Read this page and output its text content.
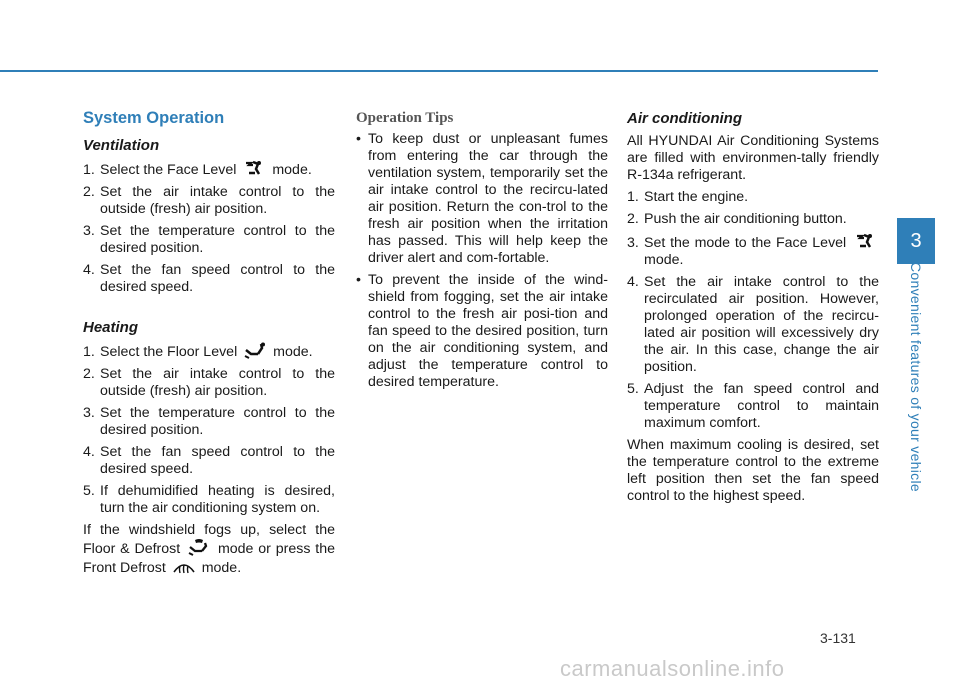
System Operation
Ventilation
1. Select the Face Level	mode.
2. Set the air intake control to the outside (fresh) air position.
3. Set the temperature control to the desired position.
4. Set the fan speed control to the desired speed.
Heating
1. Select the Floor Level	mode.
2. Set the air intake control to the outside (fresh) air position.
3. Set the temperature control to the desired position.
4. Set the fan speed control to the desired speed.
5. If dehumidified heating is desired, turn the air conditioning system on.

If the windshield fogs up, select the Floor & Defrost	mode or press the Front Defrost	mode.

Operation Tips
• To keep dust or unpleasant fumes from entering the car through the ventilation system, temporarily set the air intake control to the recircu-lated air position. Return the con-trol to the fresh air position when the irritation has passed. This will help keep the driver alert and com-fortable.
• To prevent the inside of the wind-shield from fogging, set the air intake control to the fresh air posi-tion and fan speed to the desired position, turn on the air conditioning system, and adjust the temperature control to desired temperature.
Air conditioning

All HYUNDAI Air Conditioning Systems are filled with environmen-tally friendly R-134a refrigerant.

1. Start the engine.
2. Push the air conditioning button.
3. Set the mode to the Face Level  mode.
4. Set the air intake control to the recirculated air position. However, prolonged operation of the recircu-lated air position will excessively dry the air. In this case, change the air position.
5. Adjust the fan speed control and temperature control to maintain maximum comfort.

When maximum cooling is desired, set the temperature control to the extreme left position then set the fan speed control to the highest speed.

3
Convenient features of your vehicle
3-131
carmanualsonline.info
